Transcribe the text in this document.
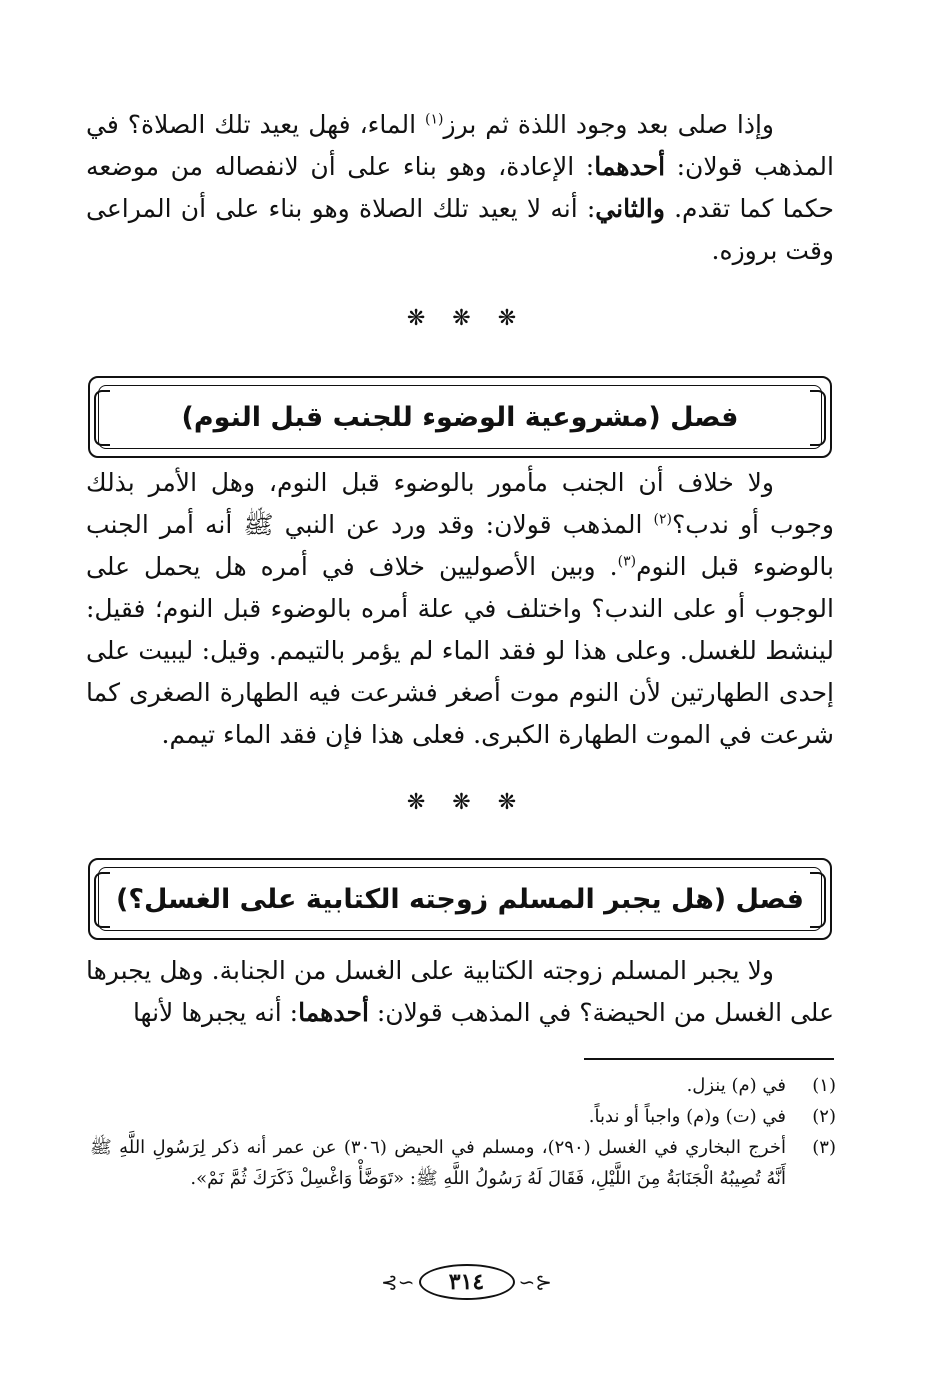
وإذا صلى بعد وجود اللذة ثم برز$^{(١)}$ الماء، فهل يعيد تلك الصلاة؟ في المذهب قولان: أحدهما: الإعادة، وهو بناء على أن لانفصاله من موضعه حكما كما تقدم. والثاني: أنه لا يعيد تلك الصلاة وهو بناء على أن المراعى وقت بروزه.

❋ ❋ ❋
فصل (مشروعية الوضوء للجنب قبل النوم)

ولا خلاف أن الجنب مأمور بالوضوء قبل النوم، وهل الأمر بذلك وجوب أو ندب؟$^{(٢)}$ المذهب قولان: وقد ورد عن النبي ﷺ أنه أمر الجنب بالوضوء قبل النوم$^{(٣)}$. وبين الأصوليين خلاف في أمره هل يحمل على الوجوب أو على الندب؟ واختلف في علة أمره بالوضوء قبل النوم؛ فقيل: لينشط للغسل. وعلى هذا لو فقد الماء لم يؤمر بالتيمم. وقيل: ليبيت على إحدى الطهارتين لأن النوم موت أصغر فشرعت فيه الطهارة الصغرى كما شرعت في الموت الطهارة الكبرى. فعلى هذا فإن فقد الماء تيمم.

❋ ❋ ❋
فصل (هل يجبر المسلم زوجته الكتابية على الغسل؟)

ولا يجبر المسلم زوجته الكتابية على الغسل من الجنابة. وهل يجبرها على الغسل من الحيضة؟ في المذهب قولان: أحدهما: أنه يجبرها لأنها

(١)
في (م) ينزل.
(٢)
في (ت) و(م) واجباً أو ندباً.
(٣)
أخرج البخاري في الغسل (٢٩٠)، ومسلم في الحيض (٣٠٦) عن عمر أنه ذكر لِرَسُولِ اللَّهِ ﷺ أَنَّهُ تُصِيبُهُ الْجَنَابَةُ مِنَ اللَّيْلِ، فَقَالَ لَهُ رَسُولُ اللَّهِ ﷺ: «تَوَضَّأْ وَاغْسِلْ ذَكَرَكَ ثُمَّ نَمْ».
⊰∽ ٣١٤ ∽⊱
